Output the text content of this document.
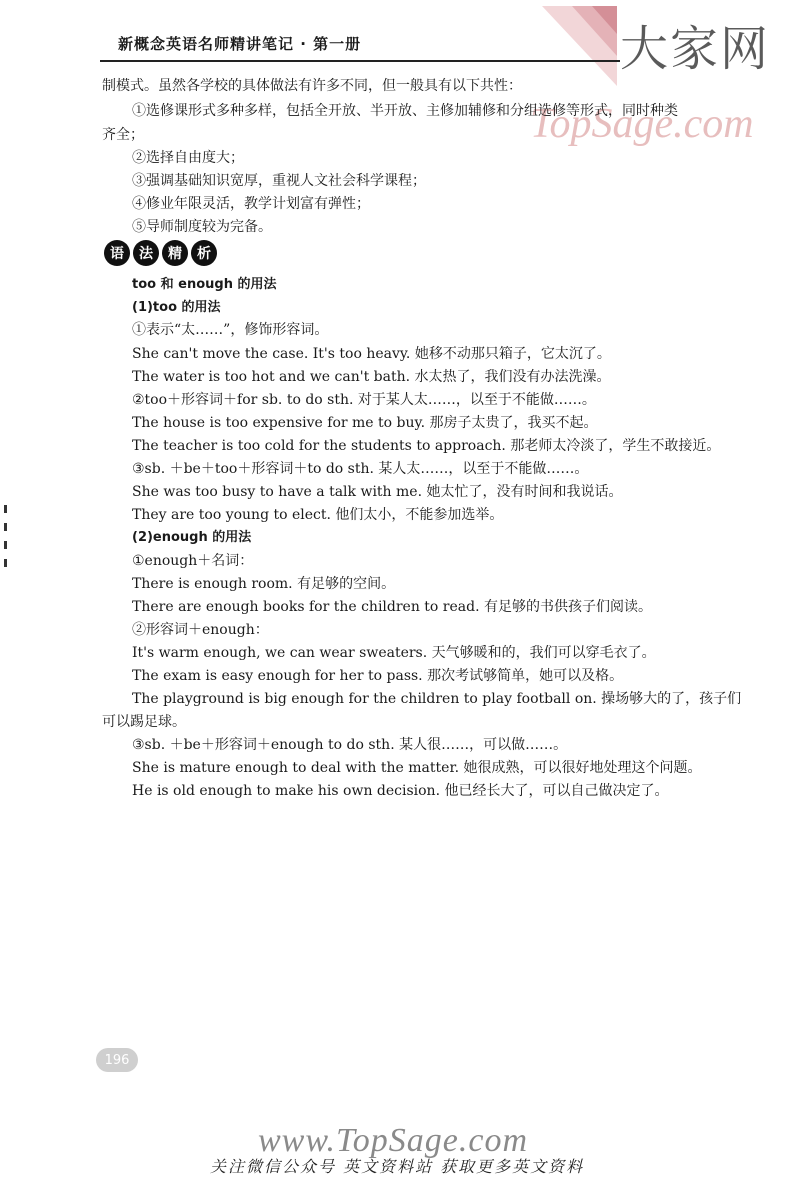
大家网
TopSage.com
新概念英语名师精讲笔记 · 第一册
制模式。虽然各学校的具体做法有许多不同，但一般具有以下共性：
①选修课形式多种多样，包括全开放、半开放、主修加辅修和分组选修等形式，同时种类
齐全；
②选择自由度大；
③强调基础知识宽厚，重视人文社会科学课程；
④修业年限灵活，教学计划富有弹性；
⑤导师制度较为完备。
语	法	精	析
too 和 enough 的用法
(1)too 的用法
①表示“太……”，修饰形容词。
She can't move the case. It's too heavy. 她移不动那只箱子，它太沉了。
The water is too hot and we can't bath. 水太热了，我们没有办法洗澡。
②too＋形容词＋for sb. to do sth. 对于某人太……，以至于不能做……。
The house is too expensive for me to buy. 那房子太贵了，我买不起。
The teacher is too cold for the students to approach. 那老师太冷淡了，学生不敢接近。
③sb. ＋be＋too＋形容词＋to do sth. 某人太……，以至于不能做……。
She was too busy to have a talk with me. 她太忙了，没有时间和我说话。
They are too young to elect. 他们太小，不能参加选举。
(2)enough 的用法
①enough＋名词：
There is enough room. 有足够的空间。
There are enough books for the children to read. 有足够的书供孩子们阅读。
②形容词＋enough：
It's warm enough, we can wear sweaters. 天气够暖和的，我们可以穿毛衣了。
The exam is easy enough for her to pass. 那次考试够简单，她可以及格。
The playground is big enough for the children to play football on. 操场够大的了，孩子们
可以踢足球。
③sb. ＋be＋形容词＋enough to do sth. 某人很……，可以做……。
She is mature enough to deal with the matter. 她很成熟，可以很好地处理这个问题。
He is old enough to make his own decision. 他已经长大了，可以自己做决定了。
196
www.TopSage.com
关注微信公众号 英文资料站 获取更多英文资料
